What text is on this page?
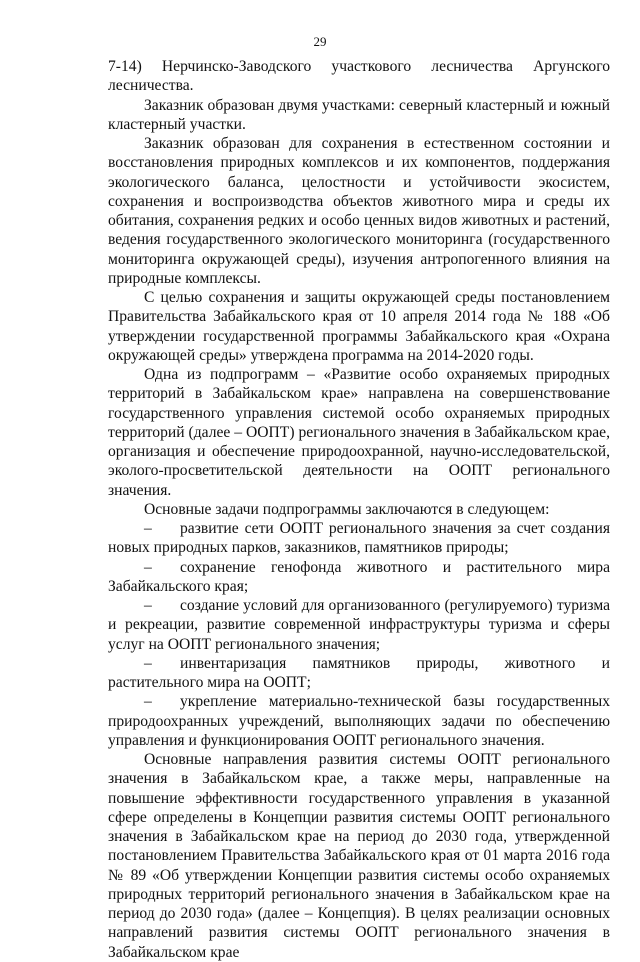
29

7-14) Нерчинско-Заводского участкового лесничества Аргунского лесничества.

Заказник образован двумя участками: северный кластерный и южный кластерный участки.

Заказник образован для сохранения в естественном состоянии и восстановления природных комплексов и их компонентов, поддержания экологического баланса, целостности и устойчивости экосистем, сохранения и воспроизводства объектов животного мира и среды их обитания, сохранения редких и особо ценных видов животных и растений, ведения государственного экологического мониторинга (государственного мониторинга окружающей среды), изучения антропогенного влияния на природные комплексы.

С целью сохранения и защиты окружающей среды постановлением Правительства Забайкальского края от 10 апреля 2014 года № 188 «Об утверждении государственной программы Забайкальского края «Охрана окружающей среды» утверждена программа на 2014-2020 годы.

Одна из подпрограмм – «Развитие особо охраняемых природных территорий в Забайкальском крае» направлена на совершенствование государственного управления системой особо охраняемых природных территорий (далее – ООПТ) регионального значения в Забайкальском крае, организация и обеспечение природоохранной, научно-исследовательской, эколого-просветительской деятельности на ООПТ регионального значения.

Основные задачи подпрограммы заключаются в следующем:

– развитие сети ООПТ регионального значения за счет создания новых природных парков, заказников, памятников природы;

– сохранение генофонда животного и растительного мира Забайкальского края;

– создание условий для организованного (регулируемого) туризма и рекреации, развитие современной инфраструктуры туризма и сферы услуг на ООПТ регионального значения;

– инвентаризация памятников природы, животного и растительного мира на ООПТ;

– укрепление материально-технической базы государственных природоохранных учреждений, выполняющих задачи по обеспечению управления и функционирования ООПТ регионального значения.

Основные направления развития системы ООПТ регионального значения в Забайкальском крае, а также меры, направленные на повышение эффективности государственного управления в указанной сфере определены в Концепции развития системы ООПТ регионального значения в Забайкальском крае на период до 2030 года, утвержденной постановлением Правительства Забайкальского края от 01 марта 2016 года № 89 «Об утверждении Концепции развития системы особо охраняемых природных территорий регионального значения в Забайкальском крае на период до 2030 года» (далее – Концепция). В целях реализации основных направлений развития системы ООПТ регионального значения в Забайкальском крае
